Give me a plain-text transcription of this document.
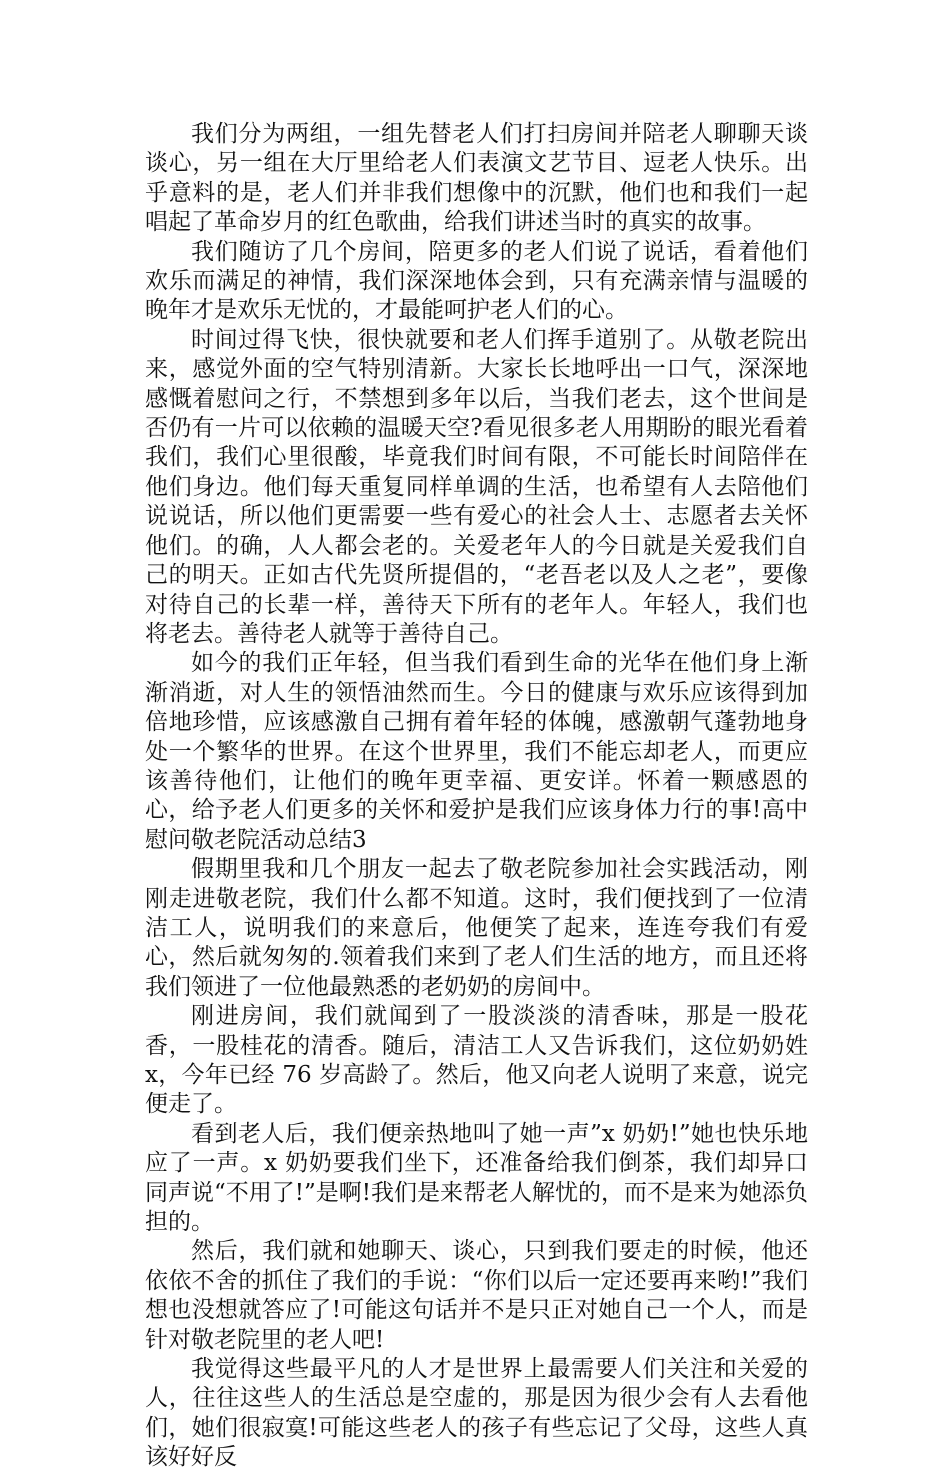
我们分为两组，一组先替老人们打扫房间并陪老人聊聊天谈谈心，另一组在大厅里给老人们表演文艺节目、逗老人快乐。出乎意料的是，老人们并非我们想像中的沉默，他们也和我们一起唱起了革命岁月的红色歌曲，给我们讲述当时的真实的故事。

我们随访了几个房间，陪更多的老人们说了说话，看着他们欢乐而满足的神情，我们深深地体会到，只有充满亲情与温暖的晚年才是欢乐无忧的，才最能呵护老人们的心。

时间过得飞快，很快就要和老人们挥手道别了。从敬老院出来，感觉外面的空气特别清新。大家长长地呼出一口气，深深地感慨着慰问之行，不禁想到多年以后，当我们老去，这个世间是否仍有一片可以依赖的温暖天空?看见很多老人用期盼的眼光看着我们，我们心里很酸，毕竟我们时间有限，不可能长时间陪伴在他们身边。他们每天重复同样单调的生活，也希望有人去陪他们说说话，所以他们更需要一些有爱心的社会人士、志愿者去关怀他们。的确，人人都会老的。关爱老年人的今日就是关爱我们自己的明天。正如古代先贤所提倡的，“老吾老以及人之老”，要像对待自己的长辈一样，善待天下所有的老年人。年轻人，我们也将老去。善待老人就等于善待自己。

如今的我们正年轻，但当我们看到生命的光华在他们身上渐渐消逝，对人生的领悟油然而生。今日的健康与欢乐应该得到加倍地珍惜，应该感激自己拥有着年轻的体魄，感激朝气蓬勃地身处一个繁华的世界。在这个世界里，我们不能忘却老人，而更应该善待他们，让他们的晚年更幸福、更安详。怀着一颗感恩的心，给予老人们更多的关怀和爱护是我们应该身体力行的事!高中慰问敬老院活动总结3

假期里我和几个朋友一起去了敬老院参加社会实践活动，刚刚走进敬老院，我们什么都不知道。这时，我们便找到了一位清洁工人，说明我们的来意后，他便笑了起来，连连夸我们有爱心，然后就匆匆的.领着我们来到了老人们生活的地方，而且还将我们领进了一位他最熟悉的老奶奶的房间中。

刚进房间，我们就闻到了一股淡淡的清香味，那是一股花香，一股桂花的清香。随后，清洁工人又告诉我们，这位奶奶姓 x，今年已经 76 岁高龄了。然后，他又向老人说明了来意，说完便走了。

看到老人后，我们便亲热地叫了她一声”x 奶奶!”她也快乐地应了一声。x 奶奶要我们坐下，还准备给我们倒茶，我们却异口同声说“不用了!”是啊!我们是来帮老人解忧的，而不是来为她添负担的。

然后，我们就和她聊天、谈心，只到我们要走的时候，他还依依不舍的抓住了我们的手说：“你们以后一定还要再来哟!”我们想也没想就答应了!可能这句话并不是只正对她自己一个人，而是针对敬老院里的老人吧!

我觉得这些最平凡的人才是世界上最需要人们关注和关爱的人，往往这些人的生活总是空虚的，那是因为很少会有人去看他们，她们很寂寞!可能这些老人的孩子有些忘记了父母，这些人真该好好反
